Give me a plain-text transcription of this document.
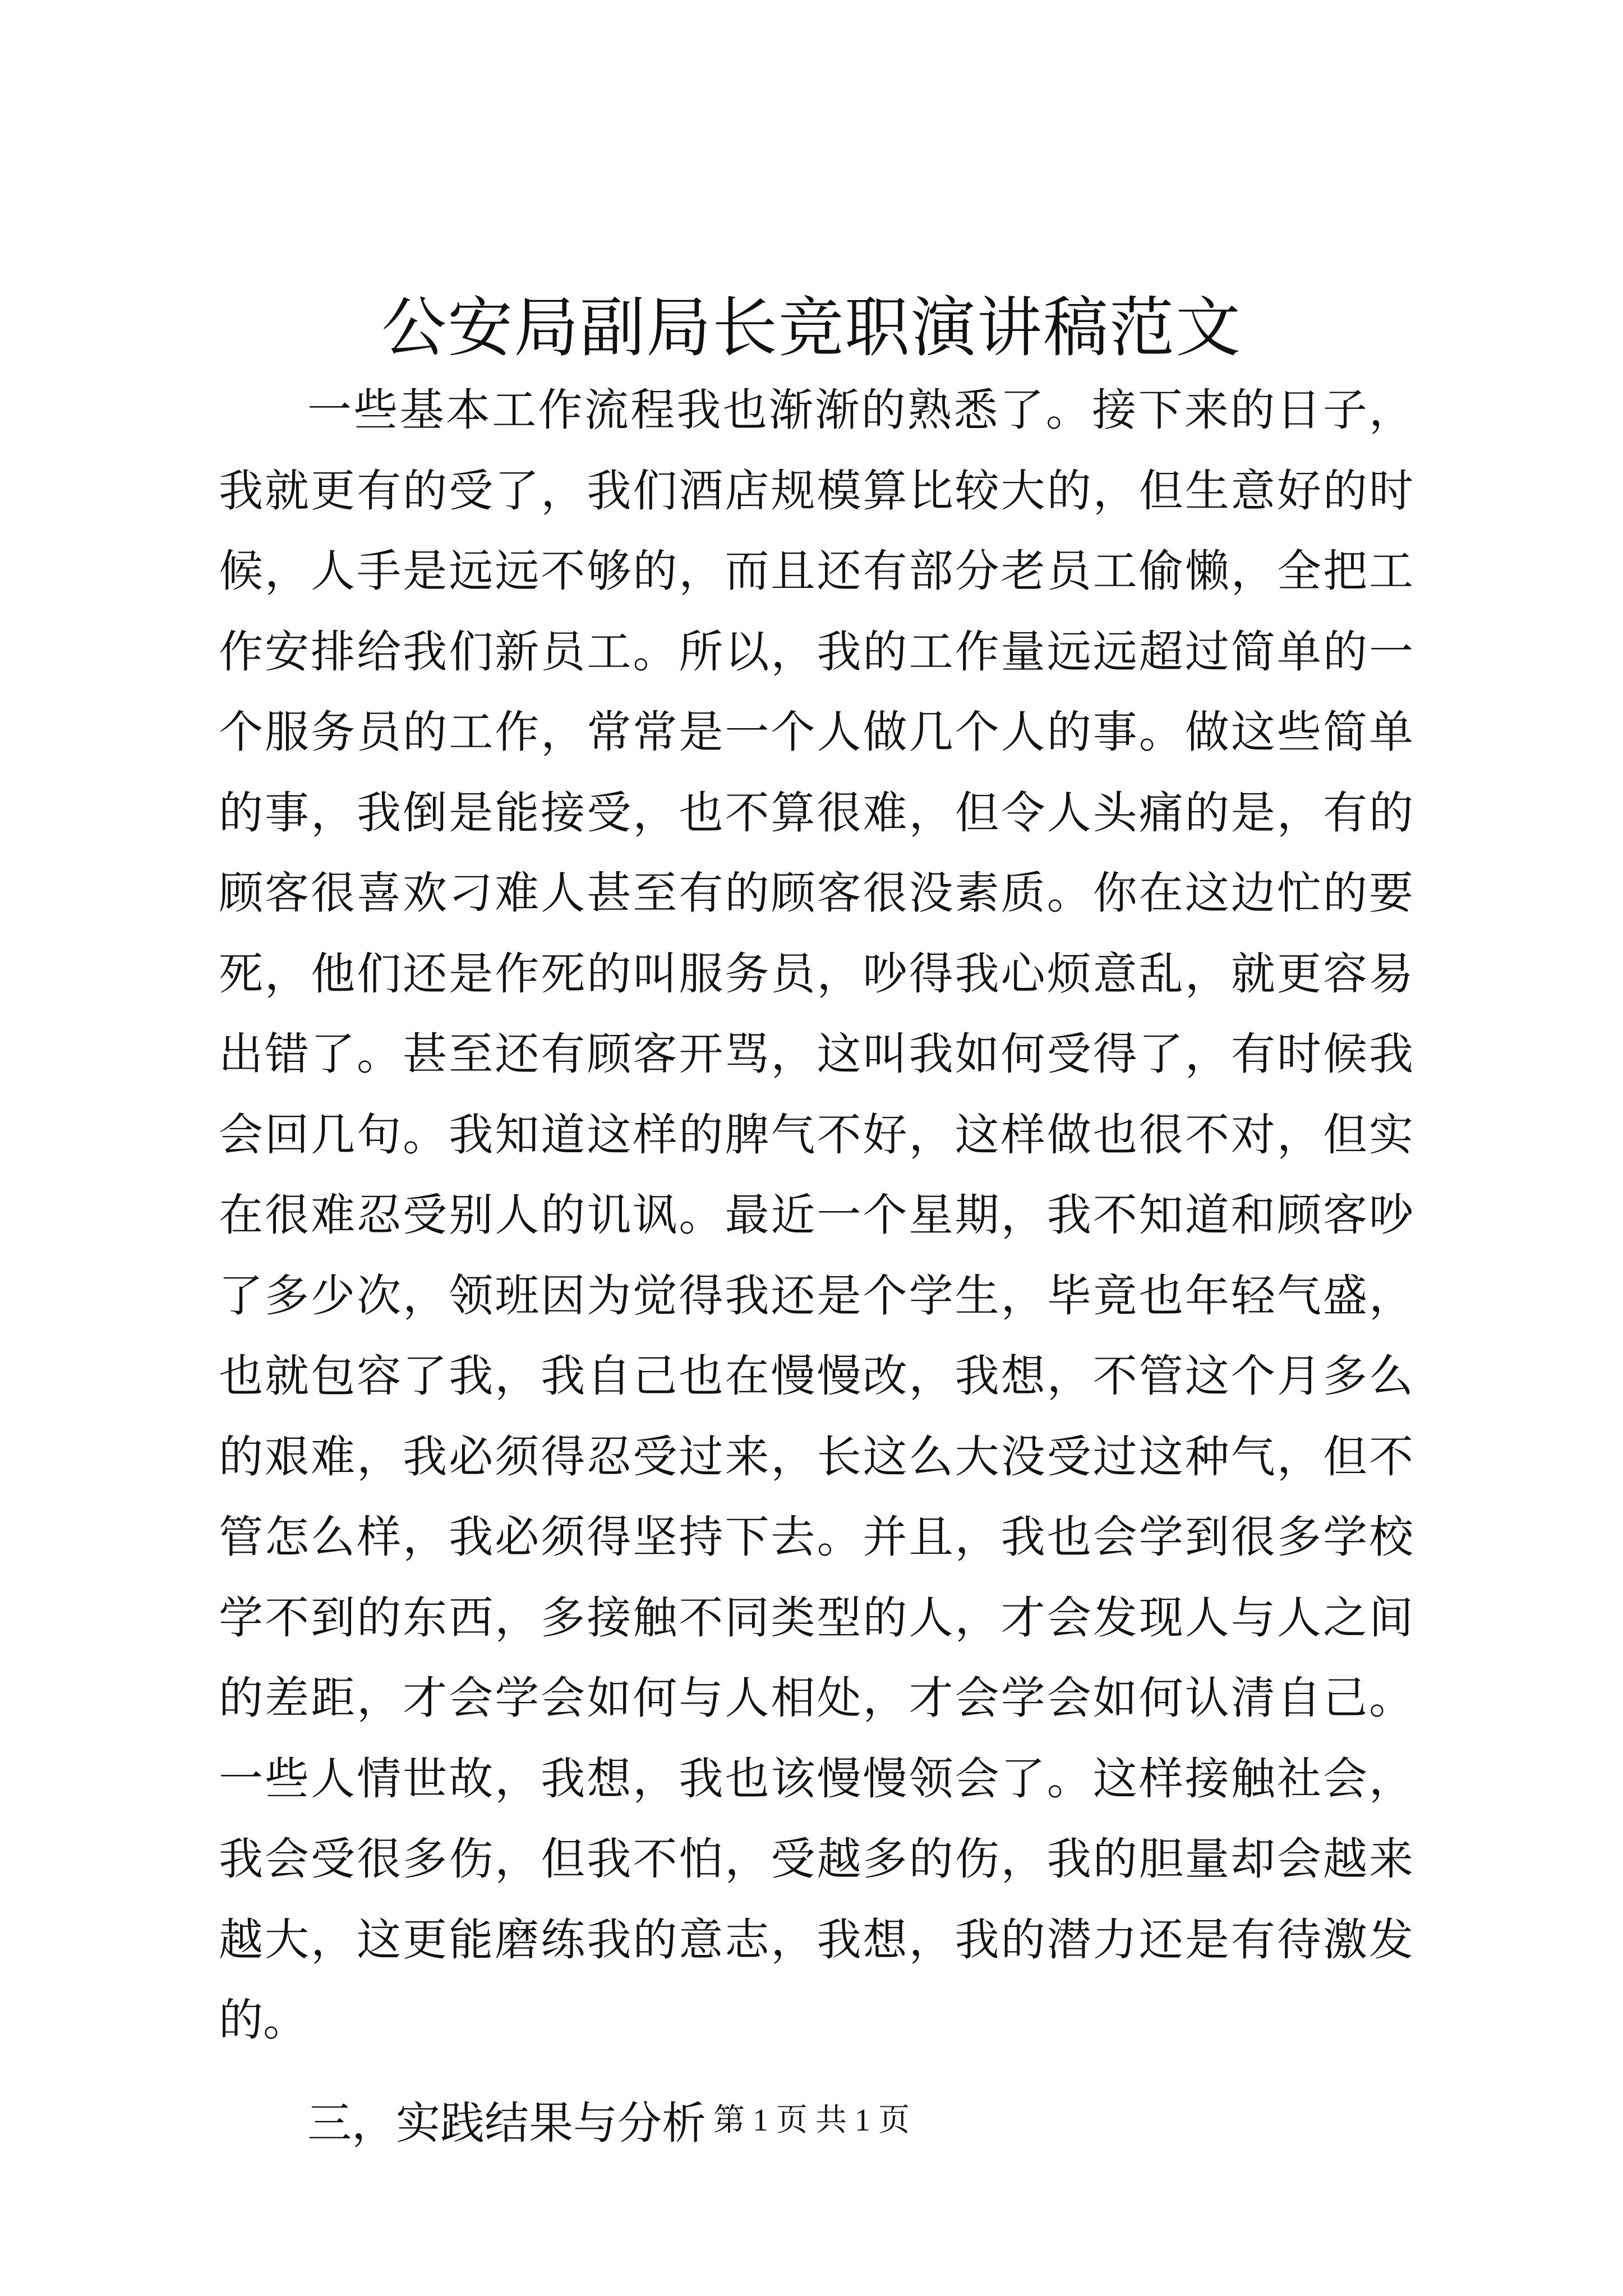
公安局副局长竞职演讲稿范文

一些基本工作流程我也渐渐的熟悉了。接下来的日子，我就更有的受了，我们酒店规模算比较大的，但生意好的时候，人手是远远不够的，而且还有部分老员工偷懒，全把工作安排给我们新员工。所以，我的工作量远远超过简单的一个服务员的工作，常常是一个人做几个人的事。做这些简单的事，我倒是能接受，也不算很难，但令人头痛的是，有的顾客很喜欢刁难人甚至有的顾客很没素质。你在这边忙的要死，他们还是作死的叫服务员，吵得我心烦意乱，就更容易出错了。甚至还有顾客开骂，这叫我如何受得了，有时候我会回几句。我知道这样的脾气不好，这样做也很不对，但实在很难忍受别人的讥讽。最近一个星期，我不知道和顾客吵了多少次，领班因为觉得我还是个学生，毕竟也年轻气盛，也就包容了我，我自己也在慢慢改，我想，不管这个月多么的艰难，我必须得忍受过来，长这么大没受过这种气，但不管怎么样，我必须得坚持下去。并且，我也会学到很多学校学不到的东西，多接触不同类型的人，才会发现人与人之间的差距，才会学会如何与人相处，才会学会如何认清自己。一些人情世故，我想，我也该慢慢领会了。这样接触社会，我会受很多伤，但我不怕，受越多的伤，我的胆量却会越来越大，这更能磨练我的意志，我想，我的潜力还是有待激发的。

三，实践结果与分析 第 1 页 共 1 页
